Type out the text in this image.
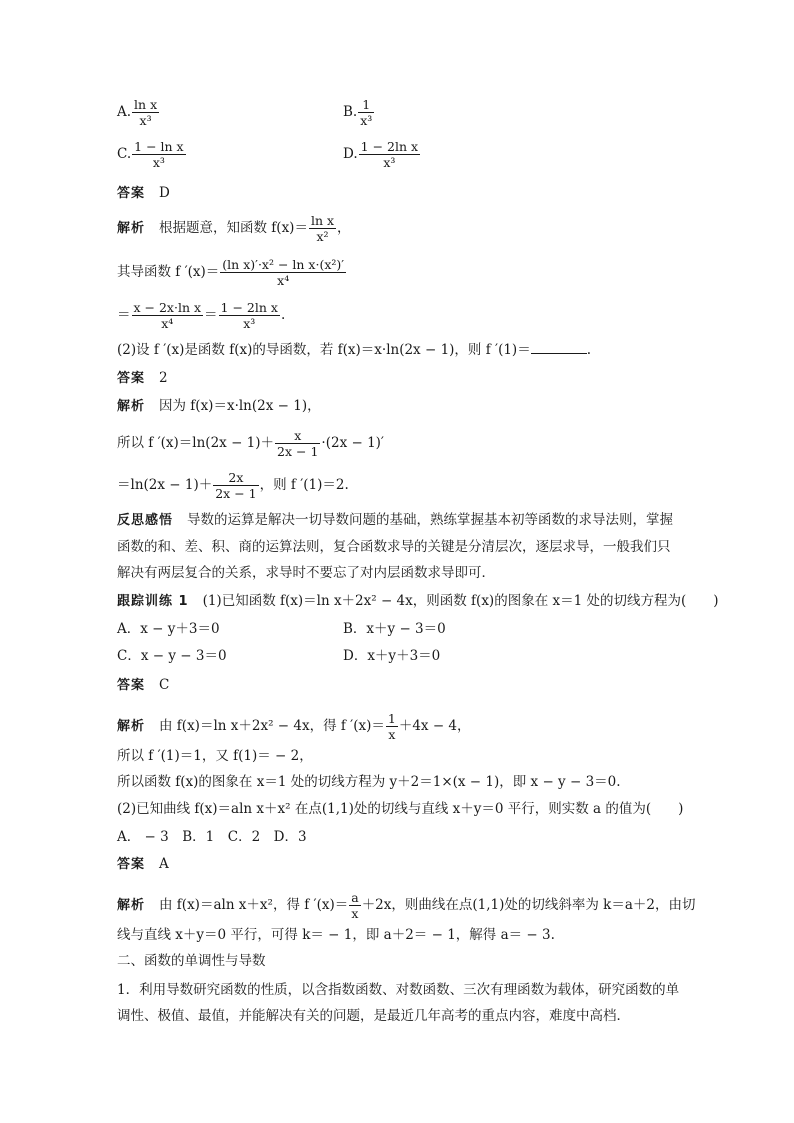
A. $\frac{\text{ln x}}{\text{x³}}$	B. $\frac{1}{\text{x³}}$
C. $\frac{\text{1 − ln x}}{\text{x³}}$	D. $\frac{\text{1 − 2ln x}}{\text{x³}}$
答案 D
解析 根据题意，知函数 $f(x)= \frac{\text{ln x}}{\text{x²}}$ ，
其导函数 f $'(x)= \frac{\text{(ln x)′·x² − ln x·(x²)′}}{\text{x⁴}}$
＝ $\frac{\text{x − 2x·ln x}}{\text{x⁴}} = \frac{\text{1 − 2ln x}}{\text{x³}}$ .
(2)设 f ′(x)是函数 f(x)的导函数，若 f(x)＝x·ln(2x − 1)，则 f ′(1)＝	.
答案 2
解析 因为 f(x)＝x·ln(2x − 1)，
所以 f $'(x)=\ln(2x - 1)+ \frac{x}{2x - 1} \cdot(2x - 1)'$
$=\ln(2x - 1)+ \frac{2x}{2x - 1}$ ，则 f ′(1)＝2.
反思感悟 导数的运算是解决一切导数问题的基础，熟练掌握基本初等函数的求导法则，掌握函数的和、差、积、商的运算法则，复合函数求导的关键是分清层次，逐层求导，一般我们只解决有两层复合的关系，求导时不要忘了对内层函数求导即可．
跟踪训练 1 (1)已知函数 f(x)＝ln x＋2x² − 4x，则函数 f(x)的图象在 x＝1 处的切线方程为(　　)
A．x − y＋3＝0	B．x＋y − 3＝0
C．x − y − 3＝0	D．x＋y＋3＝0
答案 C
解析 由 f(x)＝ln x＋2x² − 4x，得 f $'(x)= \frac{1}{x} +4x - 4$，
所以 f ′(1)＝1，又 f(1)＝ − 2，
所以函数 f(x)的图象在 x＝1 处的切线方程为 y＋2＝1×(x − 1)，即 x − y − 3＝0.
(2)已知曲线 f(x)＝aln x＋x² 在点(1,1)处的切线与直线 x＋y＝0 平行，则实数 a 的值为(　　)
A． − 3　B．1　C．2　D．3
答案 A
解析 由 f(x)＝aln x＋x²，得 f $'(x)= \frac{a}{x} +2x$，则曲线在点(1,1)处的切线斜率为 k＝a＋2，由切
线与直线 x＋y＝0 平行，可得 k＝ − 1，即 a＋2＝ − 1，解得 a＝ − 3.
二、函数的单调性与导数
1．利用导数研究函数的性质，以含指数函数、对数函数、三次有理函数为载体，研究函数的单调性、极值、最值，并能解决有关的问题，是最近几年高考的重点内容，难度中高档．
